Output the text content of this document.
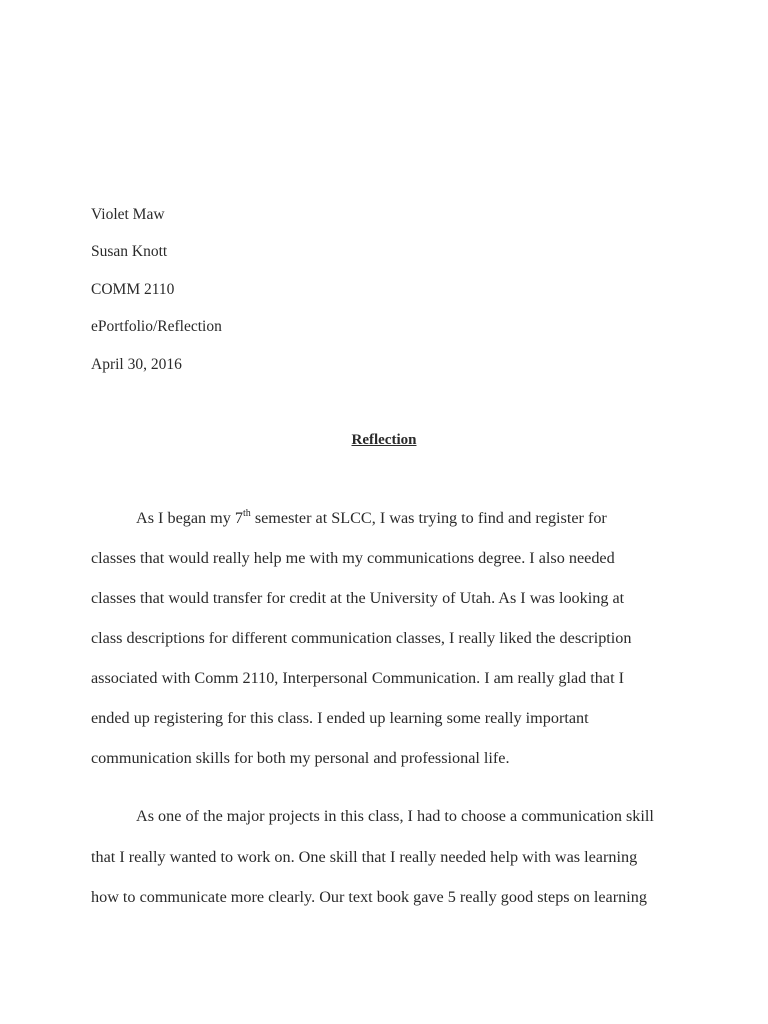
Violet Maw
Susan Knott
COMM 2110
ePortfolio/Reflection
April 30, 2016
Reflection
As I began my 7th semester at SLCC, I was trying to find and register for
classes that would really help me with my communications degree. I also needed
classes that would transfer for credit at the University of Utah. As I was looking at
class descriptions for different communication classes, I really liked the description
associated with Comm 2110, Interpersonal Communication. I am really glad that I
ended up registering for this class. I ended up learning some really important
communication skills for both my personal and professional life.
As one of the major projects in this class, I had to choose a communication skill
that I really wanted to work on. One skill that I really needed help with was learning
how to communicate more clearly. Our text book gave 5 really good steps on learning
